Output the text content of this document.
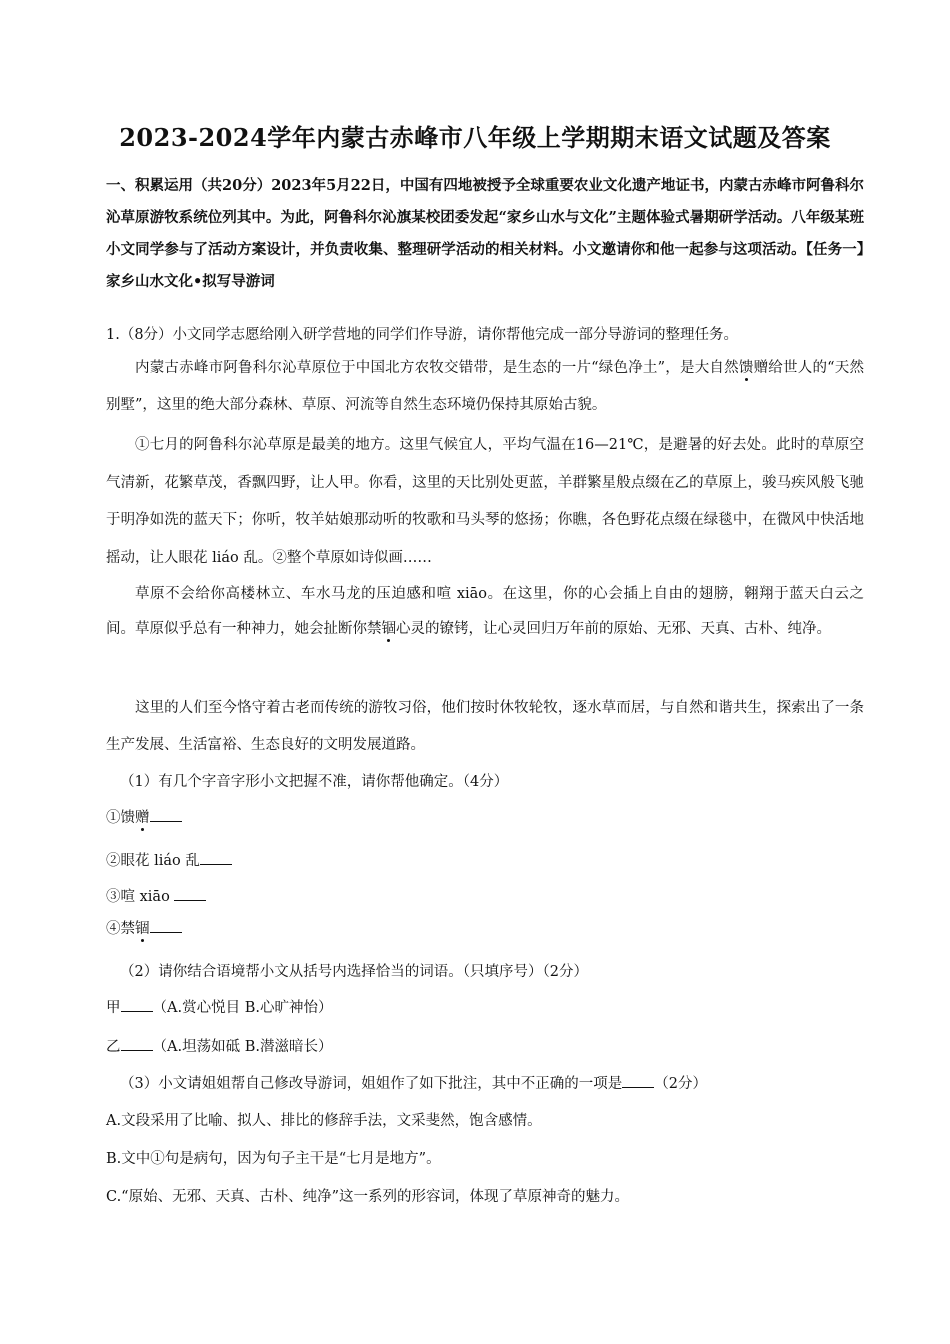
2023-2024学年内蒙古赤峰市八年级上学期期末语文试题及答案
一、积累运用（共20分）2023年5月22日，中国有四地被授予全球重要农业文化遗产地证书，内蒙古赤峰市阿鲁科尔沁草原游牧系统位列其中。为此，阿鲁科尔沁旗某校团委发起“家乡山水与文化”主题体验式暑期研学活动。八年级某班小文同学参与了活动方案设计，并负责收集、整理研学活动的相关材料。小文邀请你和他一起参与这项活动。【任务一】家乡山水文化•拟写导游词
1.（8分）小文同学志愿给刚入研学营地的同学们作导游，请你帮他完成一部分导游词的整理任务。
内蒙古赤峰市阿鲁科尔沁草原位于中国北方农牧交错带，是生态的一片“绿色净土”，是大自然馈赠给世人的“天然别墅”，这里的绝大部分森林、草原、河流等自然生态环境仍保持其原始古貌。
①七月的阿鲁科尔沁草原是最美的地方。这里气候宜人，平均气温在16—21℃，是避暑的好去处。此时的草原空气清新，花繁草茂，香飘四野，让人甲。你看，这里的天比别处更蓝，羊群繁星般点缀在乙的草原上，骏马疾风般飞驰于明净如洗的蓝天下；你听，牧羊姑娘那动听的牧歌和马头琴的悠扬；你瞧，各色野花点缀在绿毯中，在微风中快活地摇动，让人眼花 liáo 乱。②整个草原如诗似画……
草原不会给你高楼林立、车水马龙的压迫感和喧 xiāo。在这里，你的心会插上自由的翅膀，翱翔于蓝天白云之间。草原似乎总有一种神力，她会扯断你禁锢心灵的镣铐，让心灵回归万年前的原始、无邪、天真、古朴、纯净。
这里的人们至今恪守着古老而传统的游牧习俗，他们按时休牧轮牧，逐水草而居，与自然和谐共生，探索出了一条生产发展、生活富裕、生态良好的文明发展道路。
（1）有几个字音字形小文把握不准，请你帮他确定。（4分）
①馈赠
②眼花 liáo 乱
③喧 xiāo
④禁锢
（2）请你结合语境帮小文从括号内选择恰当的词语。（只填序号）（2分）
甲 （A.赏心悦目 B.心旷神怡）
乙 （A.坦荡如砥 B.潜滋暗长）
（3）小文请姐姐帮自己修改导游词，姐姐作了如下批注，其中不正确的一项是 （2分）
A.文段采用了比喻、拟人、排比的修辞手法，文采斐然，饱含感情。
B.文中①句是病句，因为句子主干是“七月是地方”。
C.“原始、无邪、天真、古朴、纯净”这一系列的形容词，体现了草原神奇的魅力。
